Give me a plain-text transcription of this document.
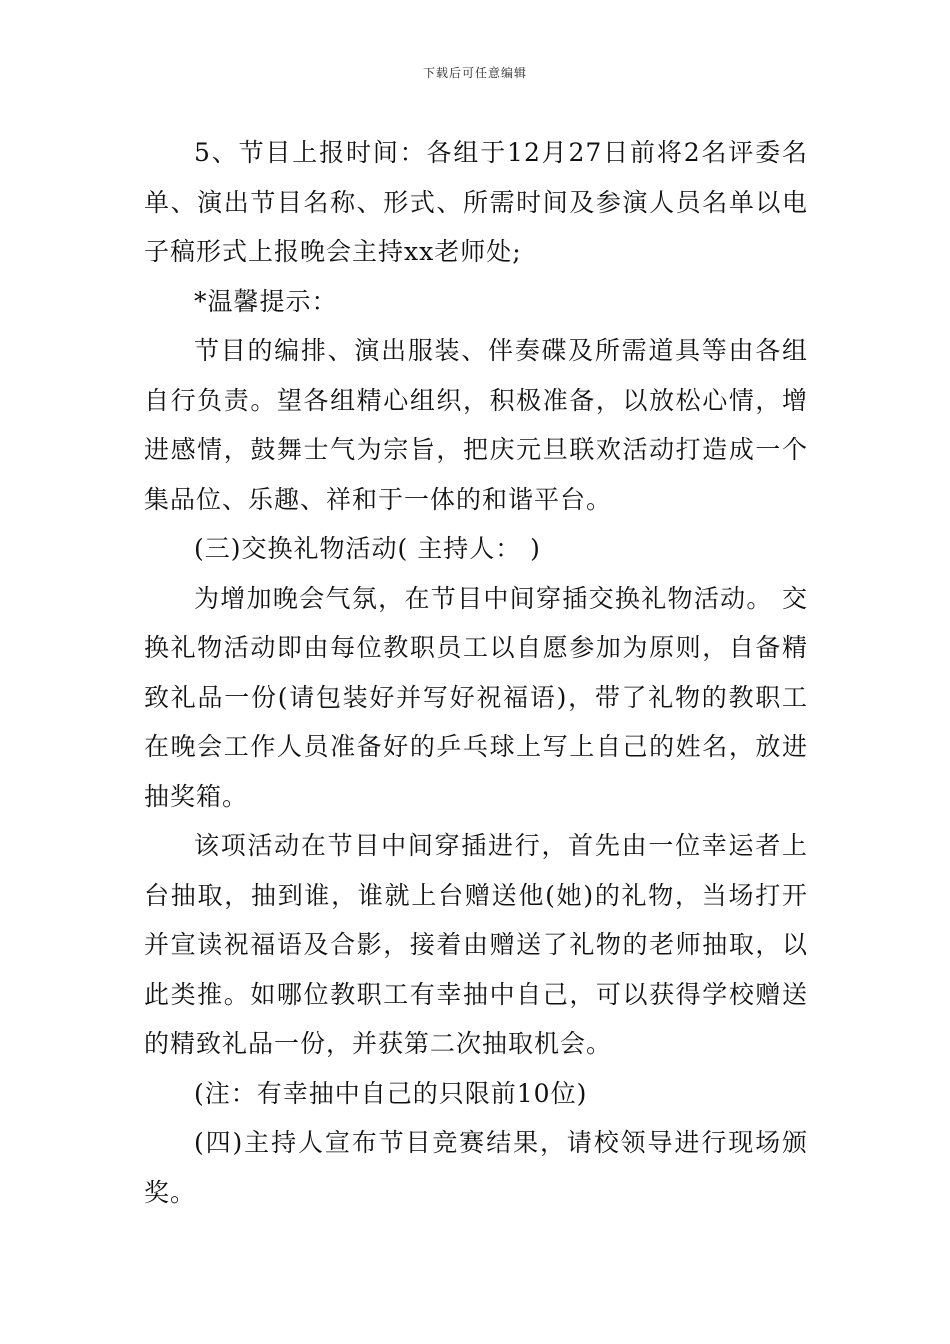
下载后可任意编辑

5、节目上报时间：各组于12月27日前将2名评委名单、演出节目名称、形式、所需时间及参演人员名单以电子稿形式上报晚会主持xx老师处;

*温馨提示：

节目的编排、演出服装、伴奏碟及所需道具等由各组自行负责。望各组精心组织，积极准备，以放松心情，增进感情，鼓舞士气为宗旨，把庆元旦联欢活动打造成一个集品位、乐趣、祥和于一体的和谐平台。

(三)交换礼物活动( 主持人： )

为增加晚会气氛，在节目中间穿插交换礼物活动。 交换礼物活动即由每位教职员工以自愿参加为原则，自备精致礼品一份(请包装好并写好祝福语)，带了礼物的教职工在晚会工作人员准备好的乒乓球上写上自己的姓名，放进抽奖箱。

该项活动在节目中间穿插进行，首先由一位幸运者上台抽取，抽到谁，谁就上台赠送他(她)的礼物，当场打开并宣读祝福语及合影，接着由赠送了礼物的老师抽取，以此类推。如哪位教职工有幸抽中自己，可以获得学校赠送的精致礼品一份，并获第二次抽取机会。

(注：有幸抽中自己的只限前10位)

(四)主持人宣布节目竞赛结果，请校领导进行现场颁奖。
